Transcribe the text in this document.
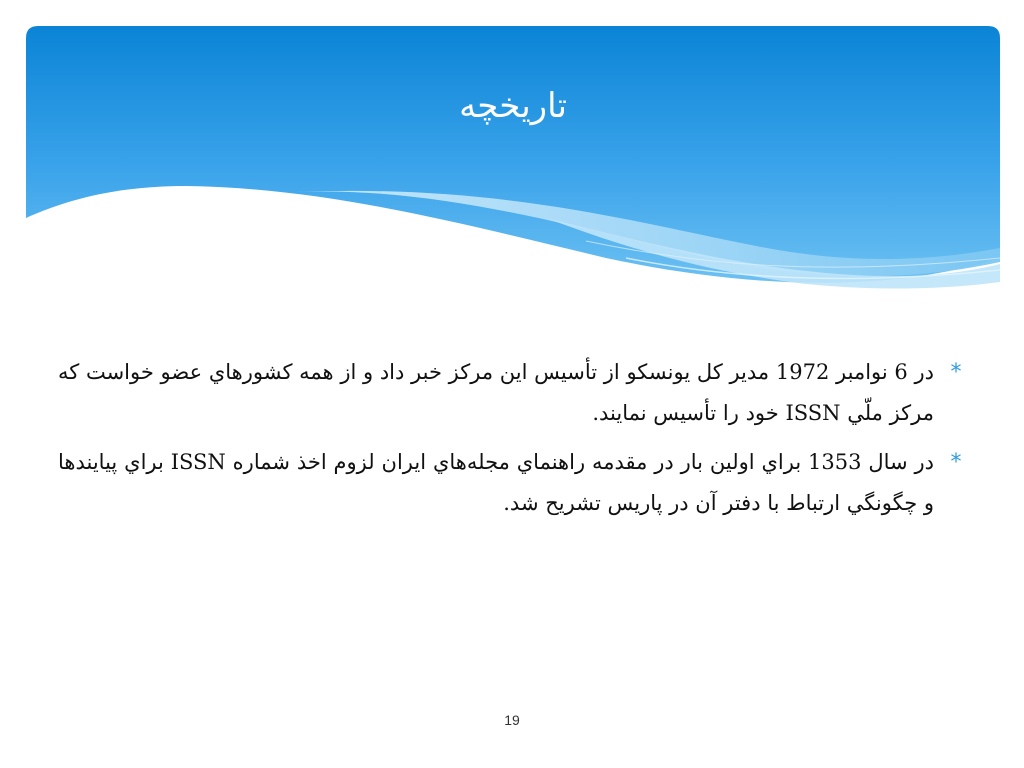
تاریخچه
*
در 6 نوامبر 1972 مدیر کل یونسکو از تأسیس این مرکز خبر داد و از همه کشورهاي عضو خواست که مرکز ملّي ISSN خود را تأسیس نمایند.
*
در سال 1353 براي اولین بار در مقدمه راهنماي مجله‌هاي ایران لزوم اخذ شماره ISSN براي پیایندها و چگونگي ارتباط با دفتر آن در پاریس تشریح شد.
19
